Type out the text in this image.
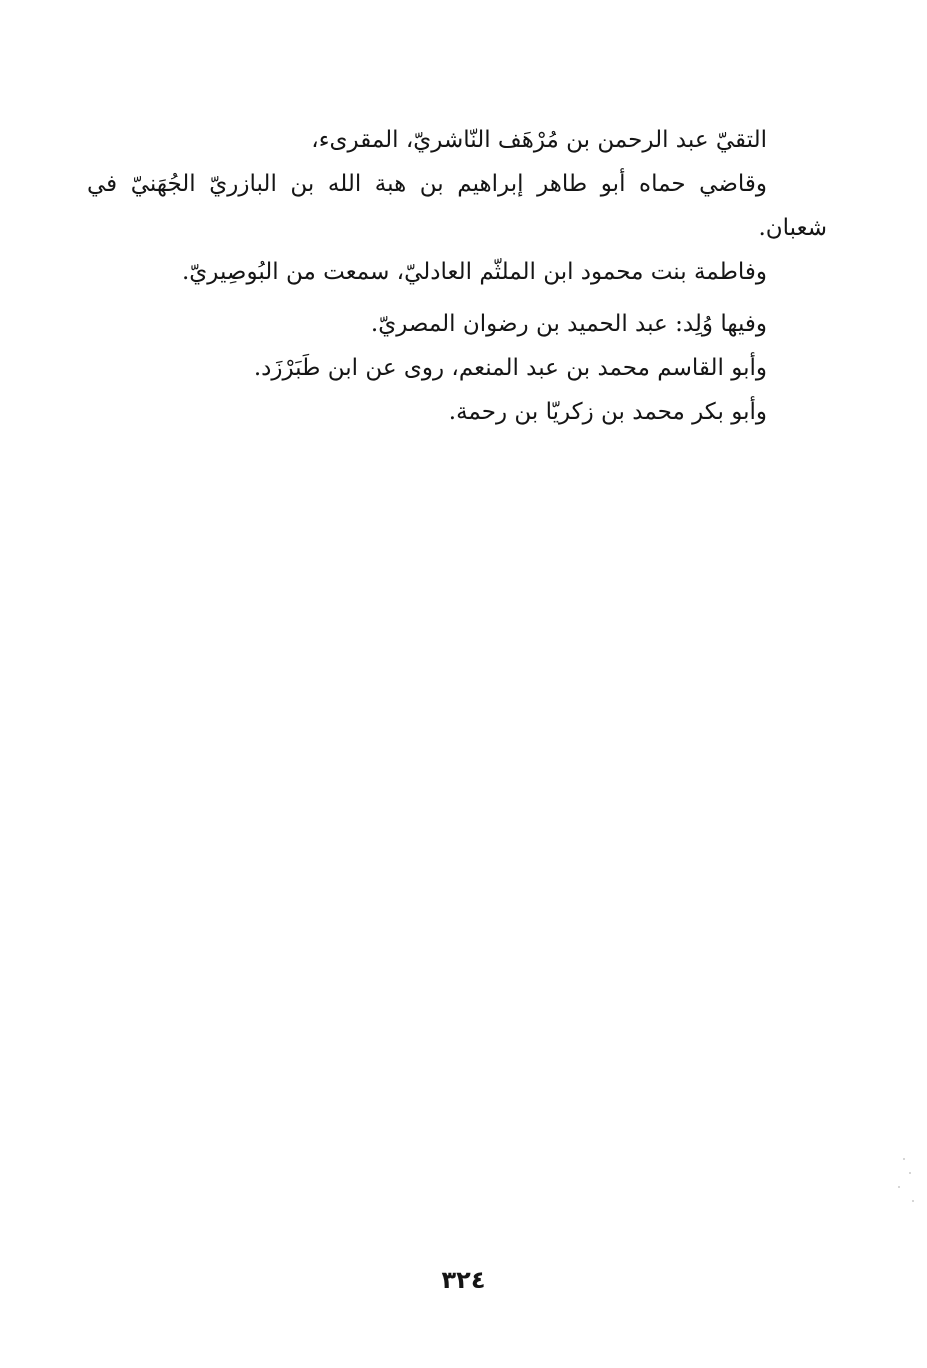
التقيّ عبد الرحمن بن مُرْهَف النّاشريّ، المقرىء،

وقاضي حماه أبو طاهر إبراهيم بن هبة الله بن البازريّ الجُهَنيّ في

شعبان.

وفاطمة بنت محمود ابن الملثّم العادليّ، سمعت من البُوصِيريّ.

وفيها وُلِد: عبد الحميد بن رضوان المصريّ.

وأبو القاسم محمد بن عبد المنعم، روى عن ابن طَبَرْزَد.

وأبو بكر محمد بن زكريّا بن رحمة.

٣٢٤
